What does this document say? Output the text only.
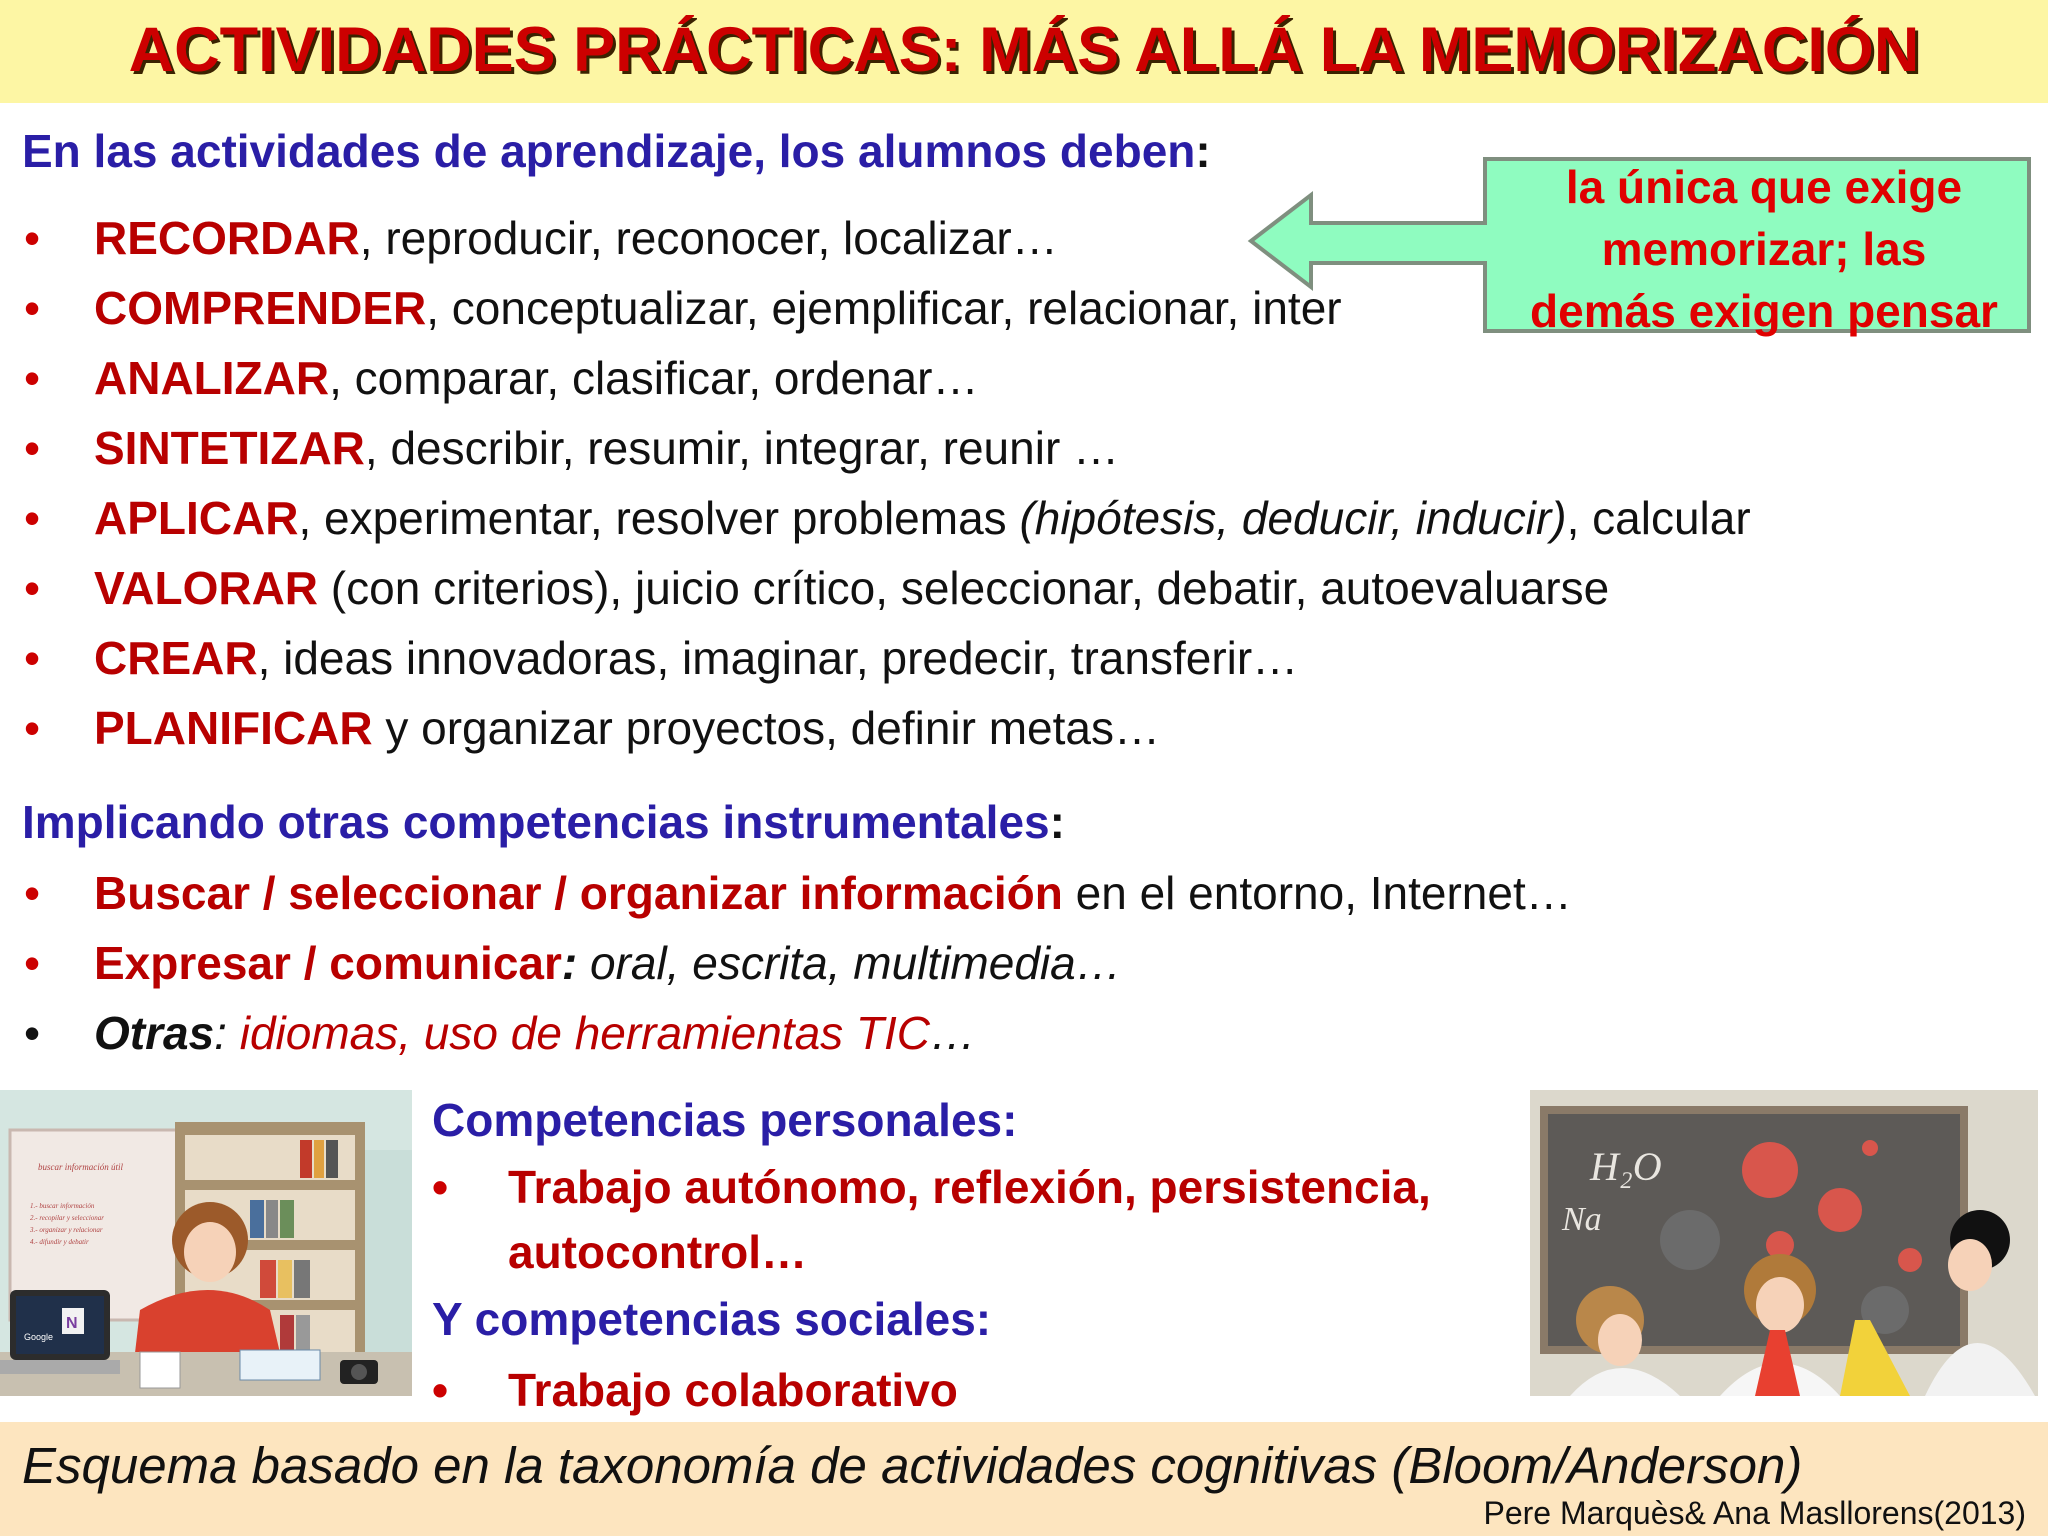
ACTIVIDADES PRÁCTICAS: MÁS ALLÁ LA MEMORIZACIÓN
En las actividades de aprendizaje, los alumnos deben:
• RECORDAR, reproducir, reconocer, localizar…
• COMPRENDER, conceptualizar, ejemplificar, relacionar, inter
• ANALIZAR, comparar, clasificar, ordenar…
• SINTETIZAR, describir, resumir, integrar, reunir …
• APLICAR, experimentar, resolver problemas (hipótesis, deducir, inducir), calcular
• VALORAR (con criterios), juicio crítico, seleccionar, debatir, autoevaluarse
• CREAR, ideas innovadoras, imaginar, predecir, transferir…
• PLANIFICAR y organizar proyectos, definir metas…
la única que exige
memorizar; las
demás exigen pensar
Implicando otras competencias instrumentales:
• Buscar / seleccionar / organizar información en el entorno, Internet…
• Expresar / comunicar: oral, escrita, multimedia…
• Otras: idiomas, uso de herramientas TIC…
buscar información útil
1.- buscar información
2.- recopilar y seleccionar
3.- organizar y relacionar
4.- difundir y debatir
Google
N
Competencias personales:
• Trabajo autónomo, reflexión, persistencia,
autocontrol…
Y competencias sociales:
• Trabajo colaborativo
H₂O
Na
Esquema basado en la taxonomía de actividades cognitivas (Bloom/Anderson)
Pere Marquès& Ana Masllorens(2013)
